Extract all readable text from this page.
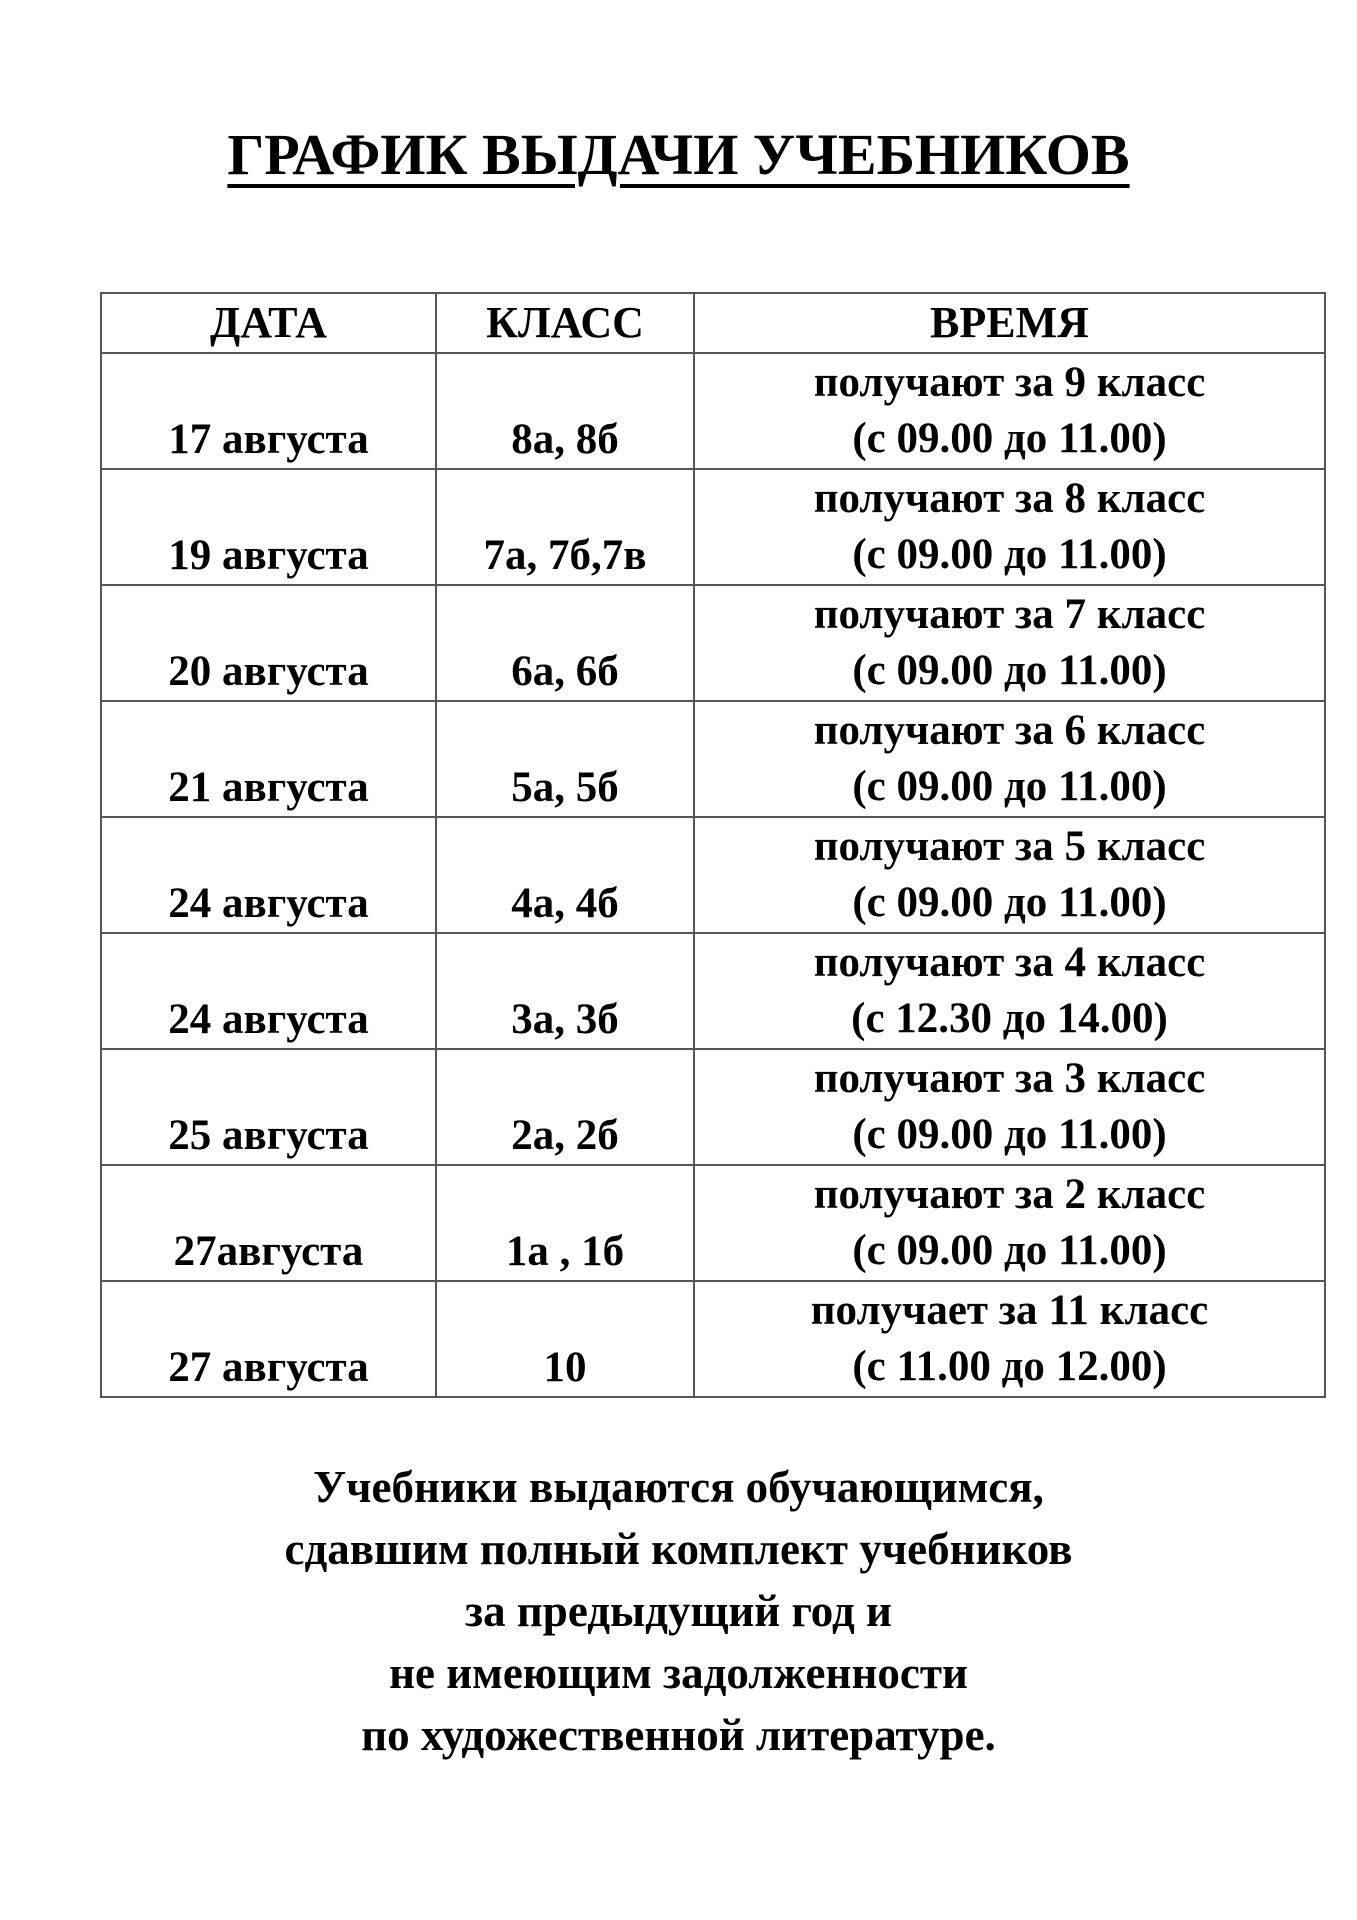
ГРАФИК ВЫДАЧИ УЧЕБНИКОВ
ДАТА	КЛАСС	ВРЕМЯ
17 августа	8а, 8б	получают за 9 класс
(с 09.00 до 11.00)

19 августа	7а, 7б,7в	получают за 8 класс
(с 09.00 до 11.00)

20 августа	6а, 6б	получают за 7 класс
(с 09.00 до 11.00)

21 августа	5а, 5б	получают за 6 класс
(с 09.00 до 11.00)

24 августа	4а, 4б	получают за 5 класс
(с 09.00 до 11.00)

24 августа	3а, 3б	получают за 4 класс
(с 12.30 до 14.00)

25 августа	2а, 2б	получают за 3 класс
(с 09.00 до 11.00)

27августа	1а , 1б	получают за 2 класс
(с 09.00 до 11.00)

27 августа	10	получает за 11 класс
(с 11.00 до 12.00)
Учебники выдаются обучающимся,
сдавшим полный комплект учебников
за предыдущий год и
не имеющим задолженности
по художественной литературе.
